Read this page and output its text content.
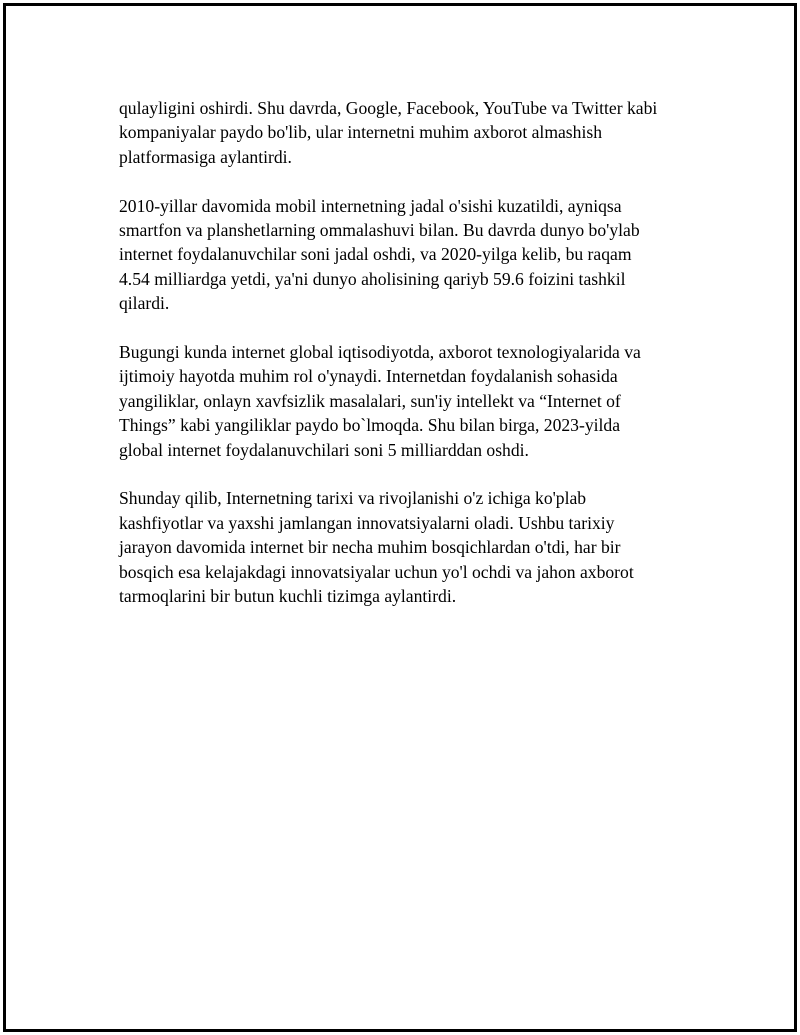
qulayligini oshirdi. Shu davrda, Google, Facebook, YouTube va Twitter kabi
kompaniyalar paydo bo'lib, ular internetni muhim axborot almashish
platformasiga aylantirdi.

2010-yillar davomida mobil internetning jadal o'sishi kuzatildi, ayniqsa
smartfon va planshetlarning ommalashuvi bilan. Bu davrda dunyo bo'ylab
internet foydalanuvchilar soni jadal oshdi, va 2020-yilga kelib, bu raqam
4.54 milliardga yetdi, ya'ni dunyo aholisining qariyb 59.6 foizini tashkil
qilardi.

Bugungi kunda internet global iqtisodiyotda, axborot texnologiyalarida va
ijtimoiy hayotda muhim rol o'ynaydi. Internetdan foydalanish sohasida
yangiliklar, onlayn xavfsizlik masalalari, sun'iy intellekt va “Internet of
Things” kabi yangiliklar paydo bo`lmoqda. Shu bilan birga, 2023-yilda
global internet foydalanuvchilari soni 5 milliarddan oshdi.

Shunday qilib, Internetning tarixi va rivojlanishi o'z ichiga ko'plab
kashfiyotlar va yaxshi jamlangan innovatsiyalarni oladi. Ushbu tarixiy
jarayon davomida internet bir necha muhim bosqichlardan o'tdi, har bir
bosqich esa kelajakdagi innovatsiyalar uchun yo'l ochdi va jahon axborot
tarmoqlarini bir butun kuchli tizimga aylantirdi.
